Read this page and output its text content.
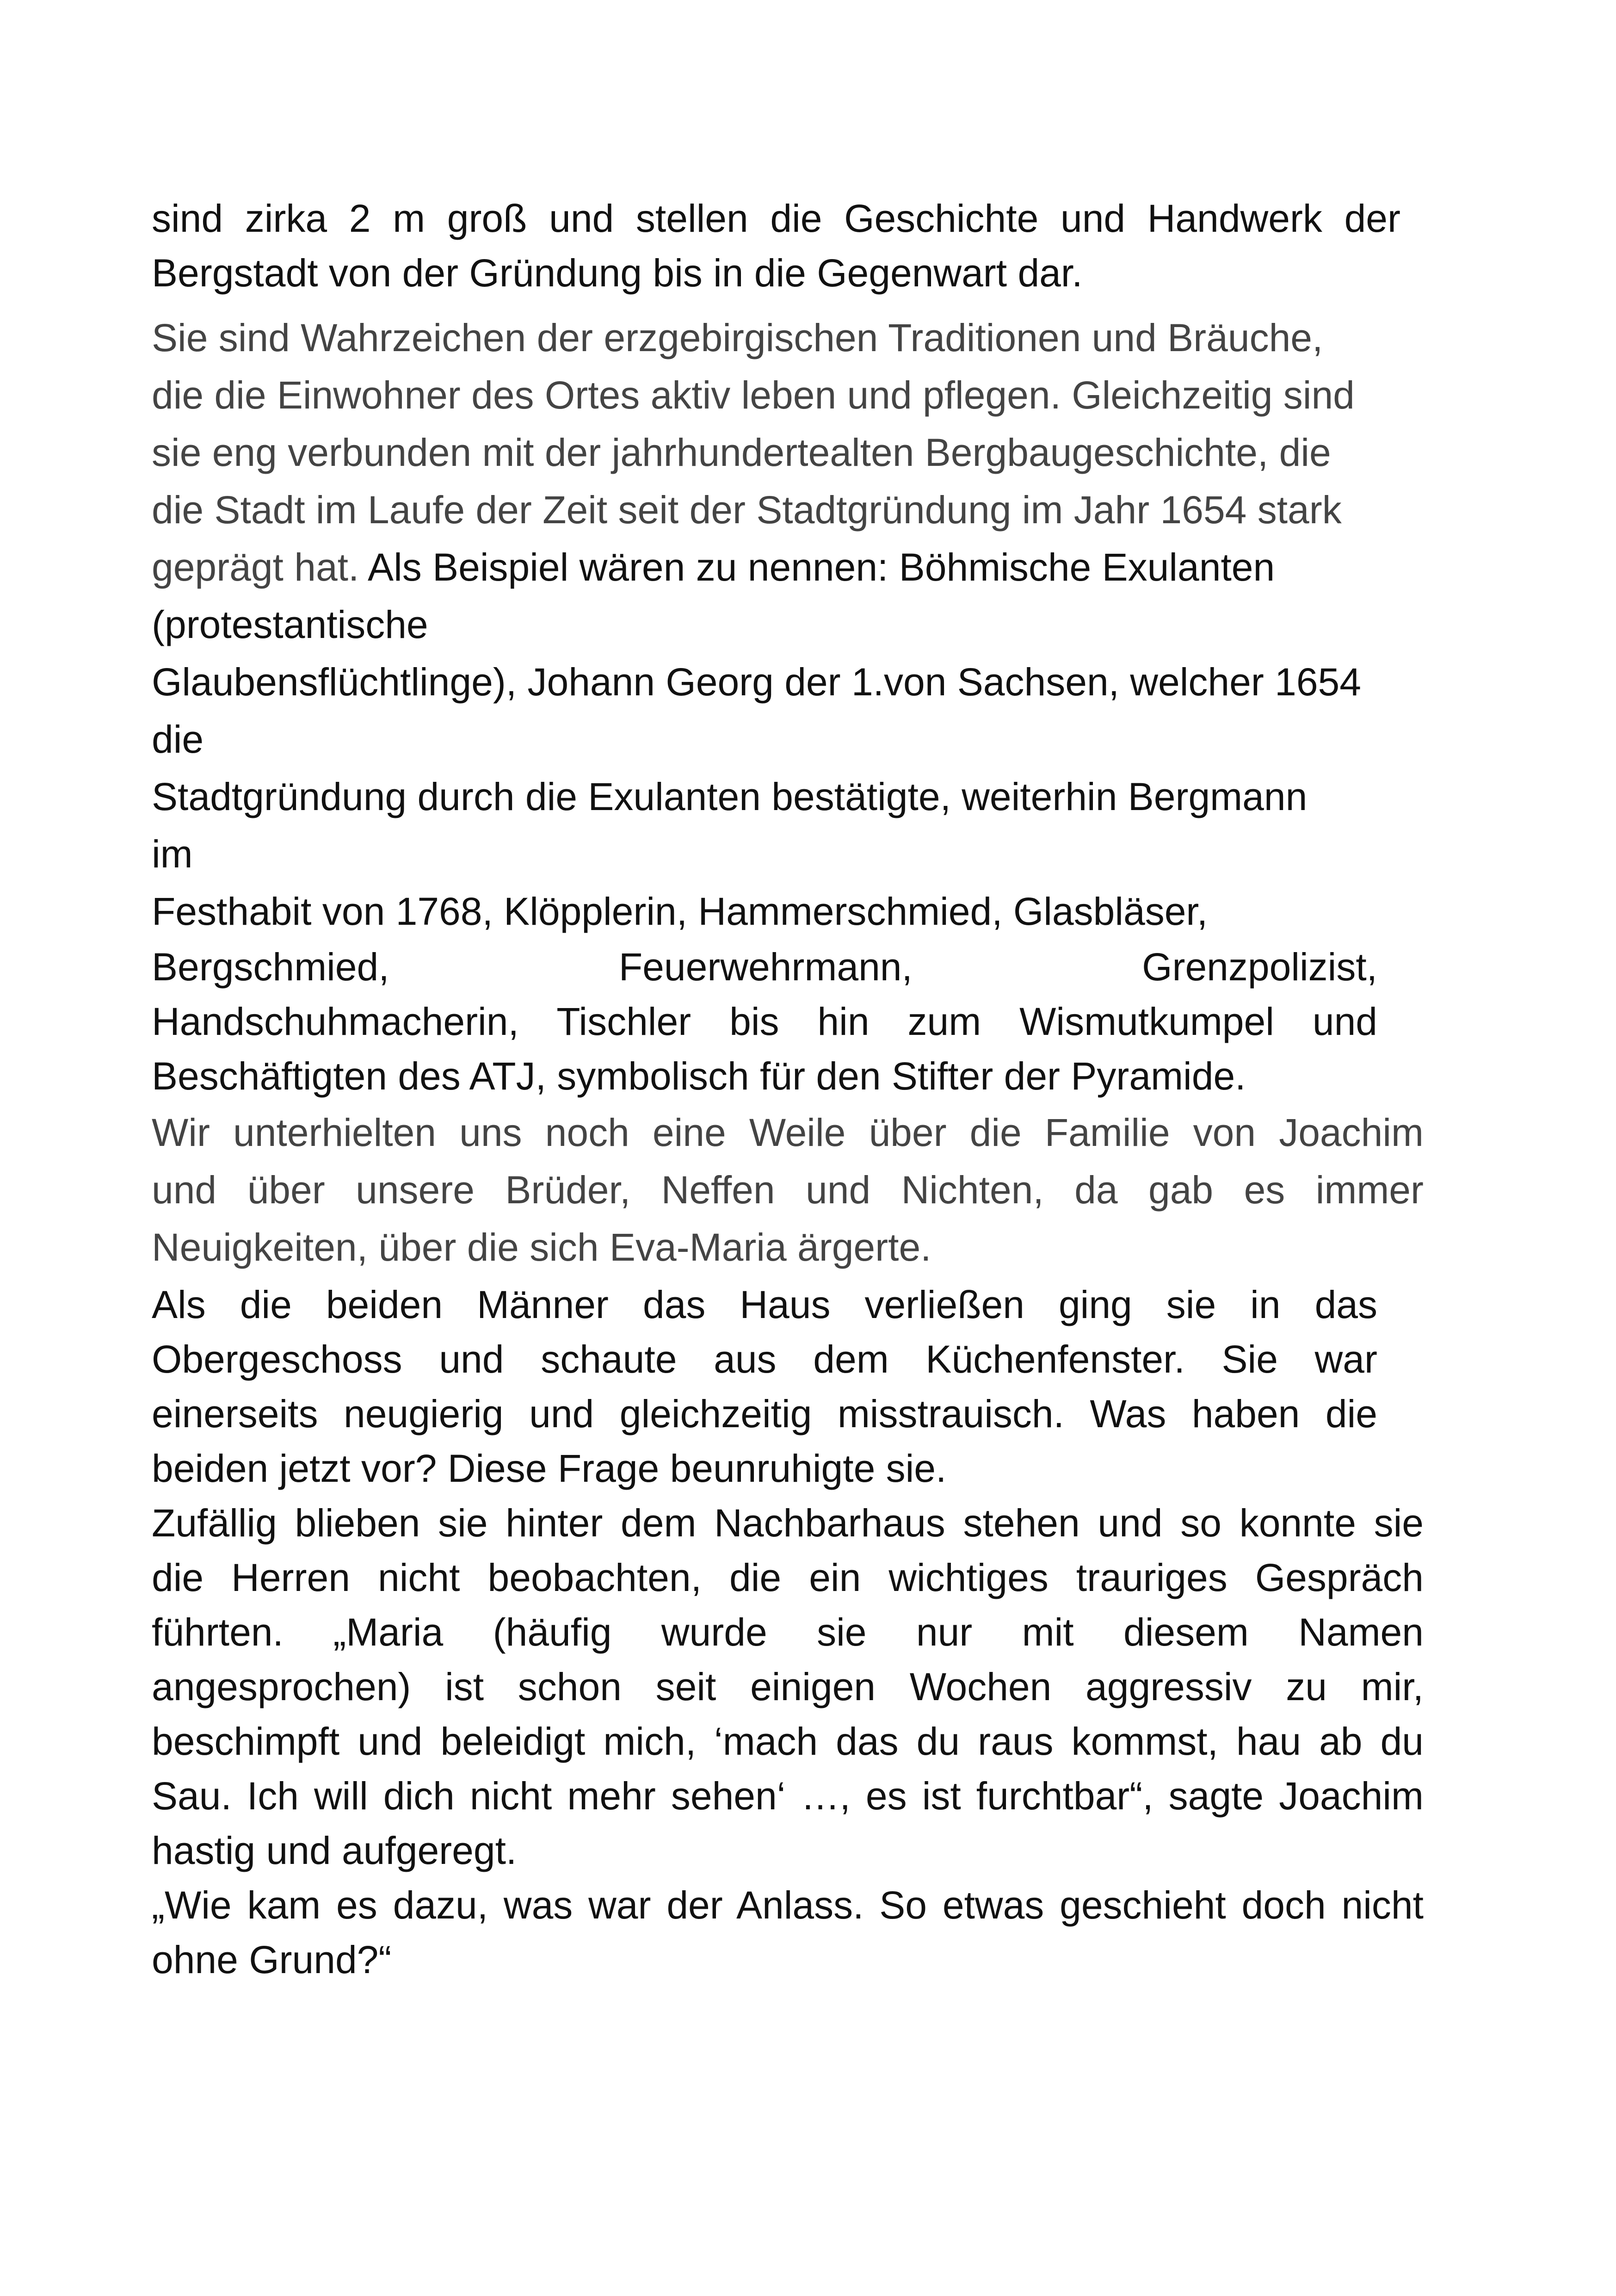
sind zirka 2 m groß und stellen die Geschichte und Handwerk der
Bergstadt von der Gründung bis in die Gegenwart dar.
Sie sind Wahrzeichen der erzgebirgischen Traditionen und Bräuche,
die die Einwohner des Ortes aktiv leben und pflegen. Gleichzeitig sind
sie eng verbunden mit der jahrhundertealten Bergbaugeschichte, die
die Stadt im Laufe der Zeit seit der Stadtgründung im Jahr 1654 stark
geprägt hat. Als Beispiel wären zu nennen: Böhmische Exulanten
(protestantische
Glaubensflüchtlinge), Johann Georg der 1.von Sachsen, welcher 1654
die
Stadtgründung durch die Exulanten bestätigte, weiterhin Bergmann
im
Festhabit von 1768, Klöpplerin, Hammerschmied, Glasbläser,
Bergschmied, Feuerwehrmann, Grenzpolizist,
Handschuhmacherin, Tischler bis hin zum Wismutkumpel und
Beschäftigten des ATJ, symbolisch für den Stifter der Pyramide.
Wir unterhielten uns noch eine Weile über die Familie von Joachim
und über unsere Brüder, Neffen und Nichten, da gab es immer
Neuigkeiten, über die sich Eva-Maria ärgerte.
Als die beiden Männer das Haus verließen ging sie in das
Obergeschoss und schaute aus dem Küchenfenster. Sie war
einerseits neugierig und gleichzeitig misstrauisch. Was haben die
beiden jetzt vor? Diese Frage beunruhigte sie.
Zufällig blieben sie hinter dem Nachbarhaus stehen und so konnte sie
die Herren nicht beobachten, die ein wichtiges trauriges Gespräch
führten. „Maria (häufig wurde sie nur mit diesem Namen
angesprochen) ist schon seit einigen Wochen aggressiv zu mir,
beschimpft und beleidigt mich, ‘mach das du raus kommst, hau ab du
Sau. Ich will dich nicht mehr sehen‘ …, es ist furchtbar“, sagte Joachim
hastig und aufgeregt.
„Wie kam es dazu, was war der Anlass. So etwas geschieht doch nicht
ohne Grund?“
